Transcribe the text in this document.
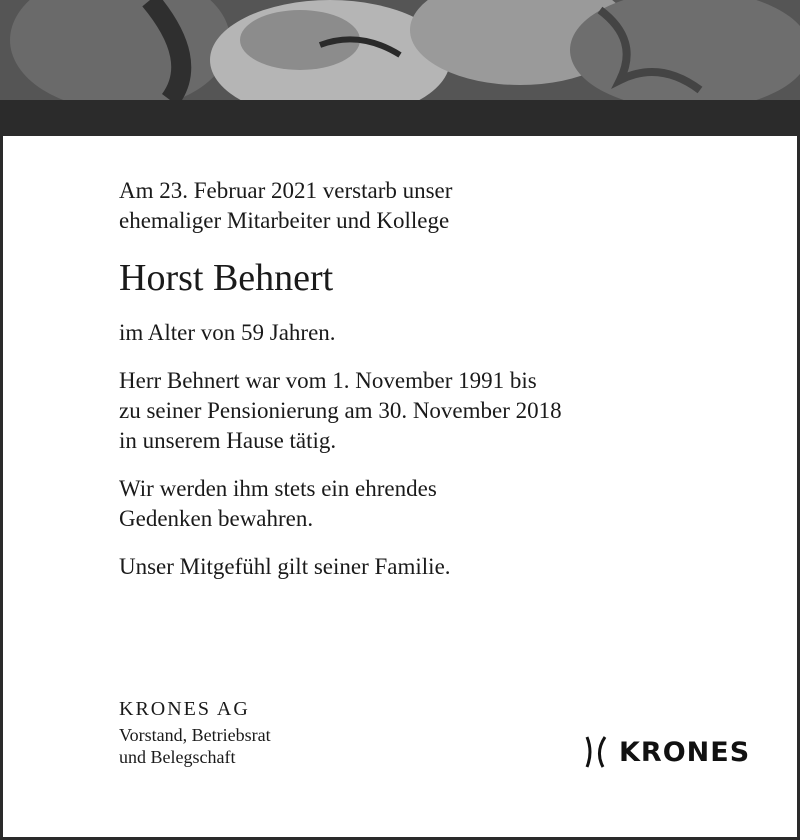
Am 23. Februar 2021 verstarb unser

ehemaliger Mitarbeiter und Kollege

Horst Behnert

im Alter von 59 Jahren.

Herr Behnert war vom 1. November 1991 bis

zu seiner Pensionierung am 30. November 2018

in unserem Hause tätig.

Wir werden ihm stets ein ehrendes

Gedenken bewahren.

Unser Mitgefühl gilt seiner Familie.

KRONES AG

Vorstand, Betriebsrat

und Belegschaft	KRONES
